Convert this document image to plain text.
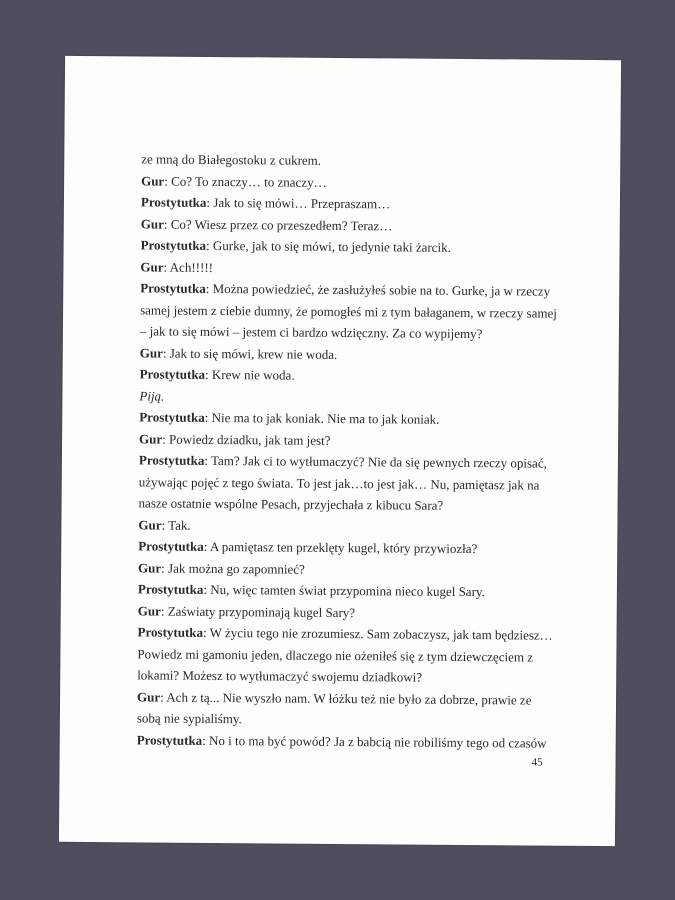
ze mną do Białegostoku z cukrem.
Gur: Co? To znaczy… to znaczy…
Prostytutka: Jak to się mówi… Przepraszam…
Gur: Co? Wiesz przez co przeszedłem? Teraz…
Prostytutka: Gurke, jak to się mówi, to jedynie taki żarcik.
Gur: Ach!!!!!
Prostytutka: Można powiedzieć, że zasłużyłeś sobie na to. Gurke, ja w rzeczy
samej jestem z ciebie dumny, że pomogłeś mi z tym bałaganem, w rzeczy samej
– jak to się mówi – jestem ci bardzo wdzięczny. Za co wypijemy?
Gur: Jak to się mówi, krew nie woda.
Prostytutka: Krew nie woda.
Piją.
Prostytutka: Nie ma to jak koniak. Nie ma to jak koniak.
Gur: Powiedz dziadku, jak tam jest?
Prostytutka: Tam? Jak ci to wytłumaczyć? Nie da się pewnych rzeczy opisać,
używając pojęć z tego świata. To jest jak…to jest jak… Nu, pamiętasz jak na
nasze ostatnie wspólne Pesach, przyjechała z kibucu Sara?
Gur: Tak.
Prostytutka: A pamiętasz ten przeklęty kugel, który przywiozła?
Gur: Jak można go zapomnieć?
Prostytutka: Nu, więc tamten świat przypomina nieco kugel Sary.
Gur: Zaświaty przypominają kugel Sary?
Prostytutka: W życiu tego nie zrozumiesz. Sam zobaczysz, jak tam będziesz…
Powiedz mi gamoniu jeden, dlaczego nie ożeniłeś się z tym dziewczęciem z
lokami? Możesz to wytłumaczyć swojemu dziadkowi?
Gur: Ach z tą... Nie wyszło nam. W łóżku też nie było za dobrze, prawie ze
sobą nie sypialiśmy.
Prostytutka: No i to ma być powód? Ja z babcią nie robiliśmy tego od czasów
45
